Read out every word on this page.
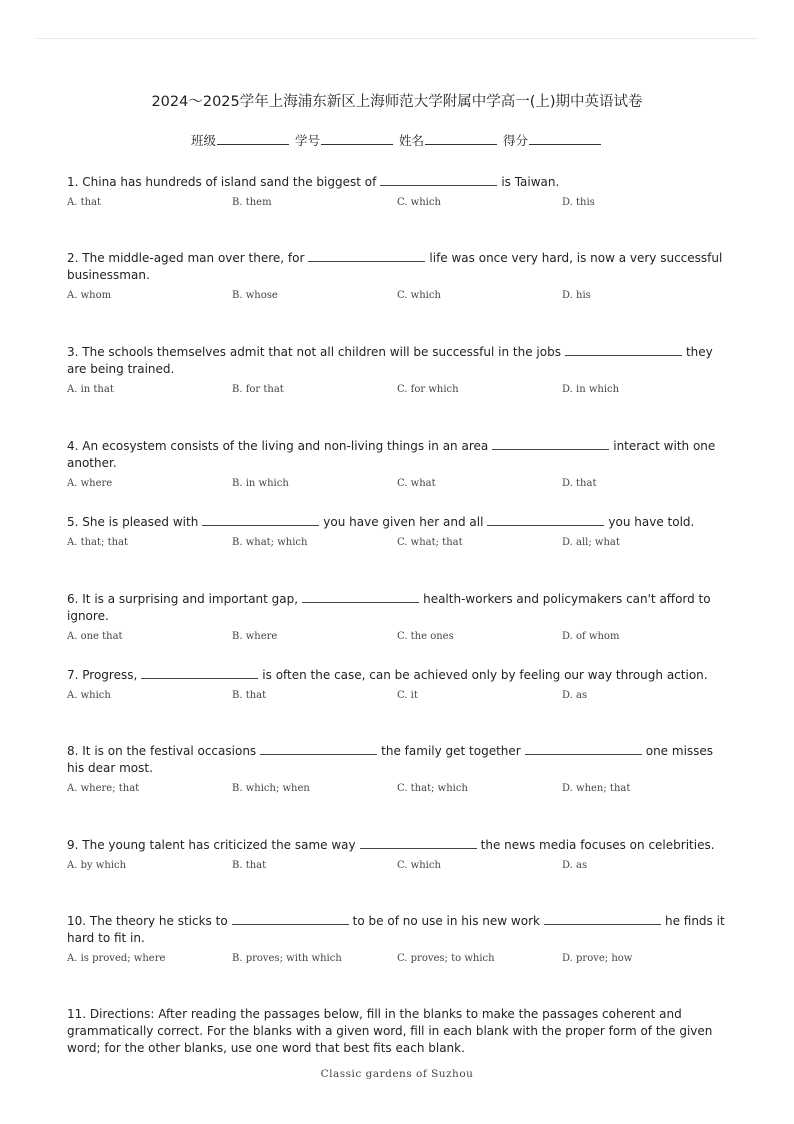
2024～2025学年上海浦东新区上海师范大学附属中学高一(上)期中英语试卷
班级	学号	姓名	得分
1. China has hundreds of island sand the biggest of	is Taiwan.
A. that	B. them	C. which	D. this
2. The middle-aged man over there, for	life was once very hard, is now a very successful businessman.
A. whom	B. whose	C. which	D. his
3. The schools themselves admit that not all children will be successful in the jobs	they are being trained.
A. in that	B. for that	C. for which	D. in which
4. An ecosystem consists of the living and non-living things in an area	interact with one another.
A. where	B. in which	C. what	D. that
5. She is pleased with	you have given her and all	you have told.
A. that; that	B. what; which	C. what; that	D. all; what
6. It is a surprising and important gap,	health-workers and policymakers can't afford to ignore.
A. one that	B. where	C. the ones	D. of whom
7. Progress,	is often the case, can be achieved only by feeling our way through action.
A. which	B. that	C. it	D. as
8. It is on the festival occasions	the family get together	one misses his dear most.
A. where; that	B. which; when	C. that; which	D. when; that
9. The young talent has criticized the same way	the news media focuses on celebrities.
A. by which	B. that	C. which	D. as
10. The theory he sticks to	to be of no use in his new work	he finds it hard to fit in.
A. is proved; where	B. proves; with which	C. proves; to which	D. prove; how
11. Directions: After reading the passages below, fill in the blanks to make the passages coherent and grammatically correct. For the blanks with a given word, fill in each blank with the proper form of the given word; for the other blanks, use one word that best fits each blank.
Classic gardens of Suzhou
